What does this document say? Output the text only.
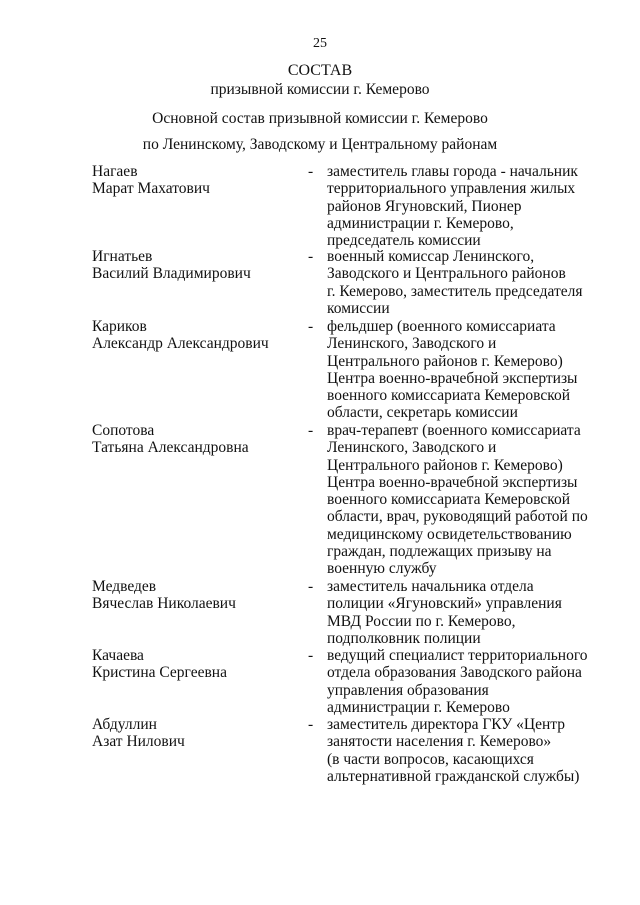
25
СОСТАВ
призывной комиссии г. Кемерово
Основной состав призывной комиссии г. Кемерово
по Ленинскому, Заводскому и Центральному районам
Нагаев
Марат Махатович
- заместитель главы города - начальник
территориального управления жилых
районов Ягуновский, Пионер
администрации г. Кемерово,
председатель комиссии
Игнатьев
Василий Владимирович
- военный комиссар Ленинского,
Заводского и Центрального районов
г. Кемерово, заместитель председателя
комиссии
Кариков
Александр Александрович
- фельдшер (военного комиссариата
Ленинского, Заводского и
Центрального районов г. Кемерово)
Центра военно-врачебной экспертизы
военного комиссариата Кемеровской
области, секретарь комиссии
Сопотова
Татьяна Александровна
- врач-терапевт (военного комиссариата
Ленинского, Заводского и
Центрального районов г. Кемерово)
Центра военно-врачебной экспертизы
военного комиссариата Кемеровской
области, врач, руководящий работой по
медицинскому освидетельствованию
граждан, подлежащих призыву на
военную службу
Медведев
Вячеслав Николаевич
- заместитель начальника отдела
полиции «Ягуновский» управления
МВД России по г. Кемерово,
подполковник полиции
Качаева
Кристина Сергеевна
- ведущий специалист территориального
отдела образования Заводского района
управления образования
администрации г. Кемерово
Абдуллин
Азат Нилович
- заместитель директора ГКУ «Центр
занятости населения г. Кемерово»
(в части вопросов, касающихся
альтернативной гражданской службы)
